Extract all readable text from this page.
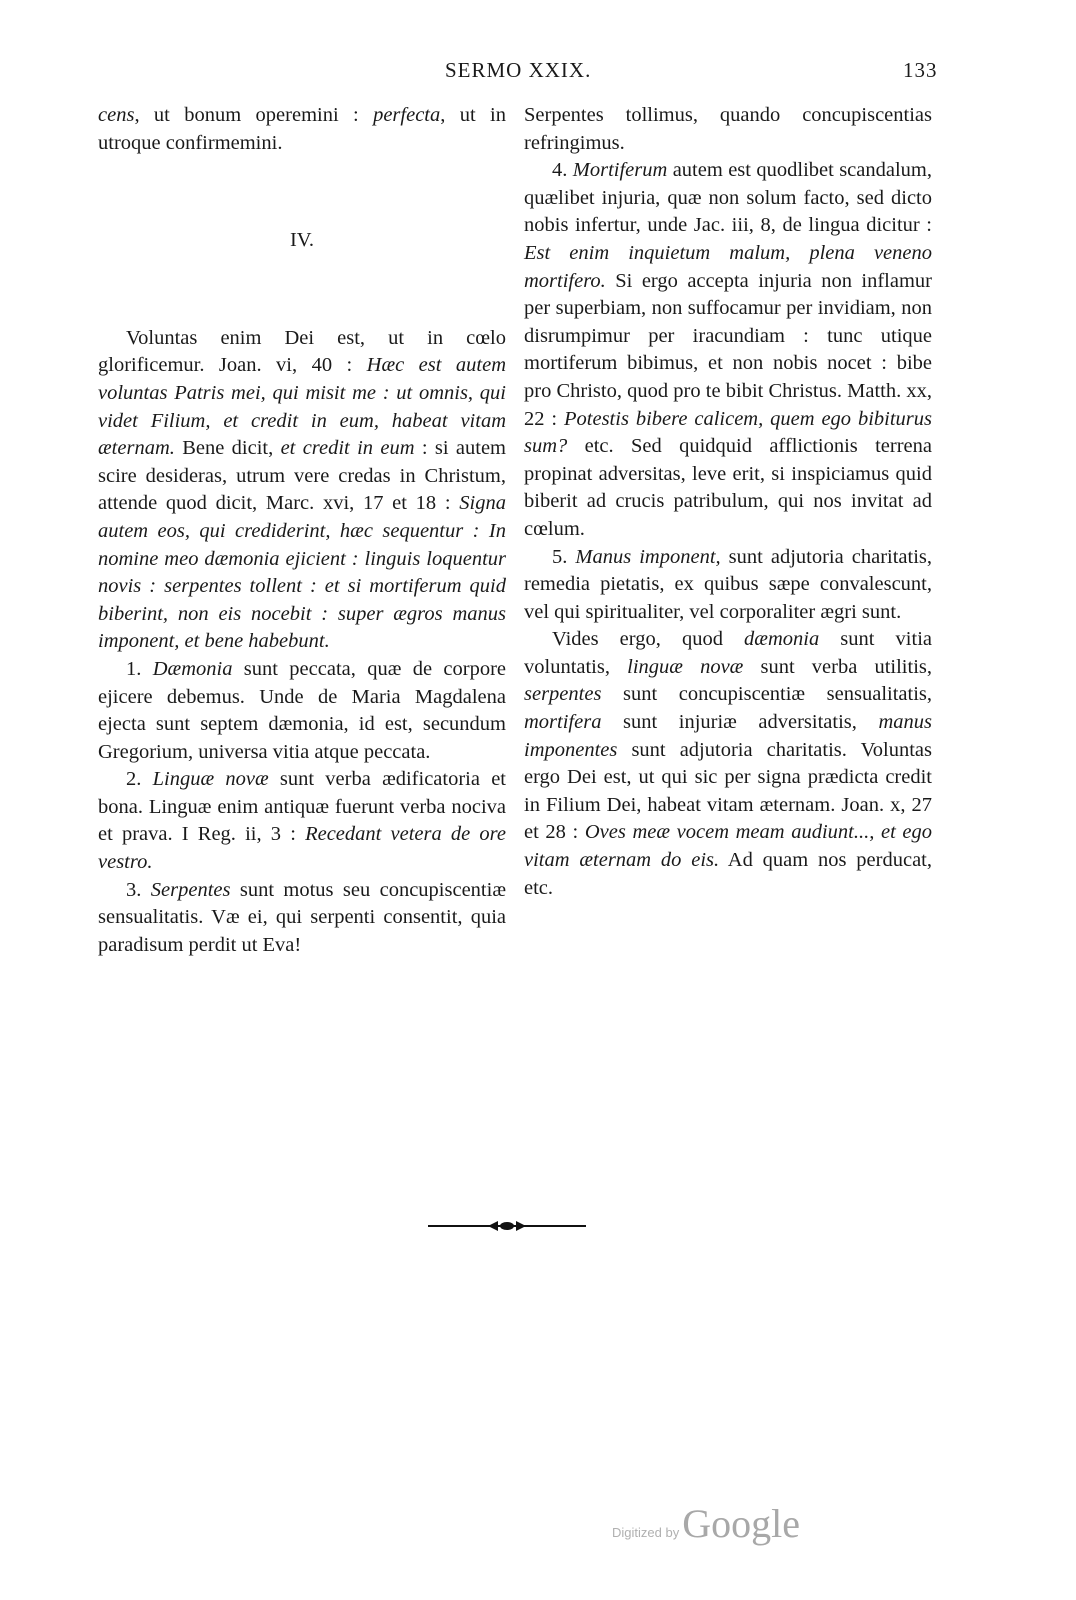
SERMO XXIX.	133

cens, ut bonum operemini : perfecta, ut in utroque confirmemini.

IV.

Voluntas enim Dei est, ut in cœlo glorificemur. Joan. vi, 40 : Hæc est autem voluntas Patris mei, qui misit me : ut omnis, qui videt Filium, et credit in eum, habeat vitam æternam. Bene dicit, et credit in eum : si autem scire desideras, utrum vere credas in Christum, attende quod dicit, Marc. xvi, 17 et 18 : Signa autem eos, qui crediderint, hæc sequentur : In nomine meo dæmonia ejicient : linguis loquentur novis : serpentes tollent : et si mortiferum quid biberint, non eis nocebit : super ægros manus imponent, et bene habebunt.

1. Dæmonia sunt peccata, quæ de corpore ejicere debemus. Unde de Maria Magdalena ejecta sunt septem dæmonia, id est, secundum Gregorium, universa vitia atque peccata.

2. Linguæ novæ sunt verba ædificatoria et bona. Linguæ enim antiquæ fuerunt verba nociva et prava. I Reg. ii, 3 : Recedant vetera de ore vestro.

3. Serpentes sunt motus seu concupiscentiæ sensualitatis. Væ ei, qui serpenti consentit, quia paradisum perdit ut Eva!

Serpentes tollimus, quando concupiscentias refringimus.

4. Mortiferum autem est quodlibet scandalum, quælibet injuria, quæ non solum facto, sed dicto nobis infertur, unde Jac. iii, 8, de lingua dicitur : Est enim inquietum malum, plena veneno mortifero. Si ergo accepta injuria non inflamur per superbiam, non suffocamur per invidiam, non disrumpimur per iracundiam : tunc utique mortiferum bibimus, et non nobis nocet : bibe pro Christo, quod pro te bibit Christus. Matth. xx, 22 : Potestis bibere calicem, quem ego bibiturus sum? etc. Sed quidquid afflictionis terrena propinat adversitas, leve erit, si inspiciamus quid biberit ad crucis patribulum, qui nos invitat ad cœlum.

5. Manus imponent, sunt adjutoria charitatis, remedia pietatis, ex quibus sæpe convalescunt, vel qui spiritualiter, vel corporaliter ægri sunt.

Vides ergo, quod dæmonia sunt vitia voluntatis, linguæ novæ sunt verba utilitis, serpentes sunt concupiscentiæ sensualitatis, mortifera sunt injuriæ adversitatis, manus imponentes sunt adjutoria charitatis. Voluntas ergo Dei est, ut qui sic per signa prædicta credit in Filium Dei, habeat vitam æternam. Joan. x, 27 et 28 : Oves meæ vocem meam audiunt..., et ego vitam æternam do eis. Ad quam nos perducat, etc.

Digitized by Google
